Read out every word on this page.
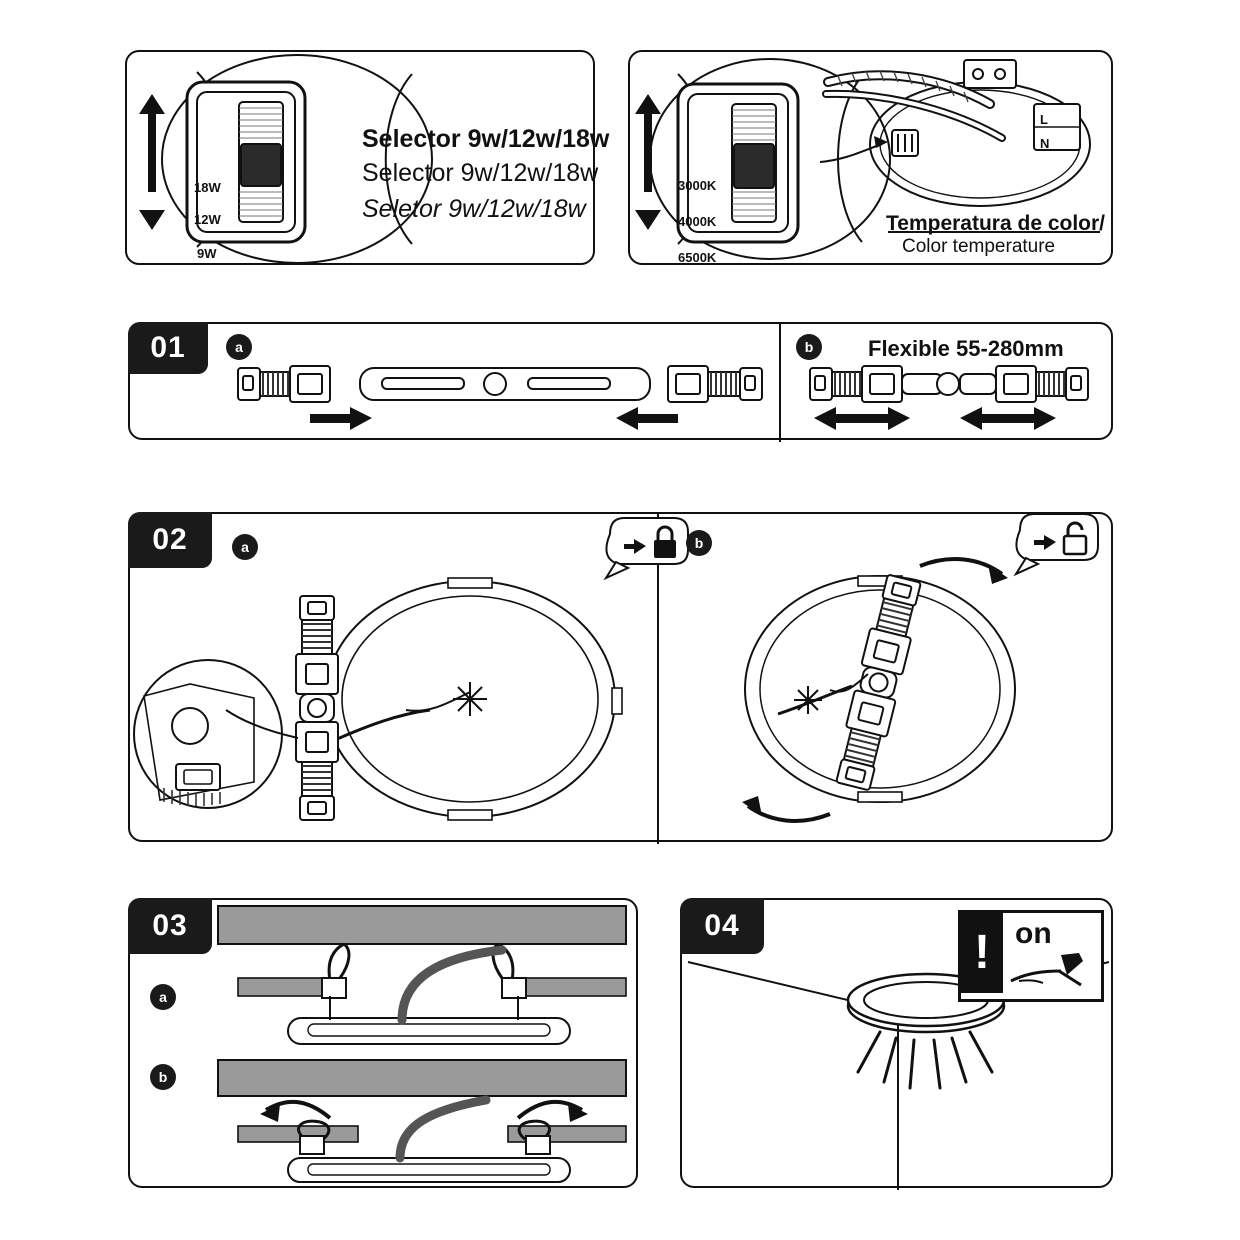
18W
12W
9W
Selector 9w/12w/18w
Selector 9w/12w/18w
Seletor 9w/12w/18w
L
N
3000K
4000K
6500K
Temperatura de color/
Color temperature
01	a	b	Flexible 55-280mm
02	a	b
03
a
b
04
! on
